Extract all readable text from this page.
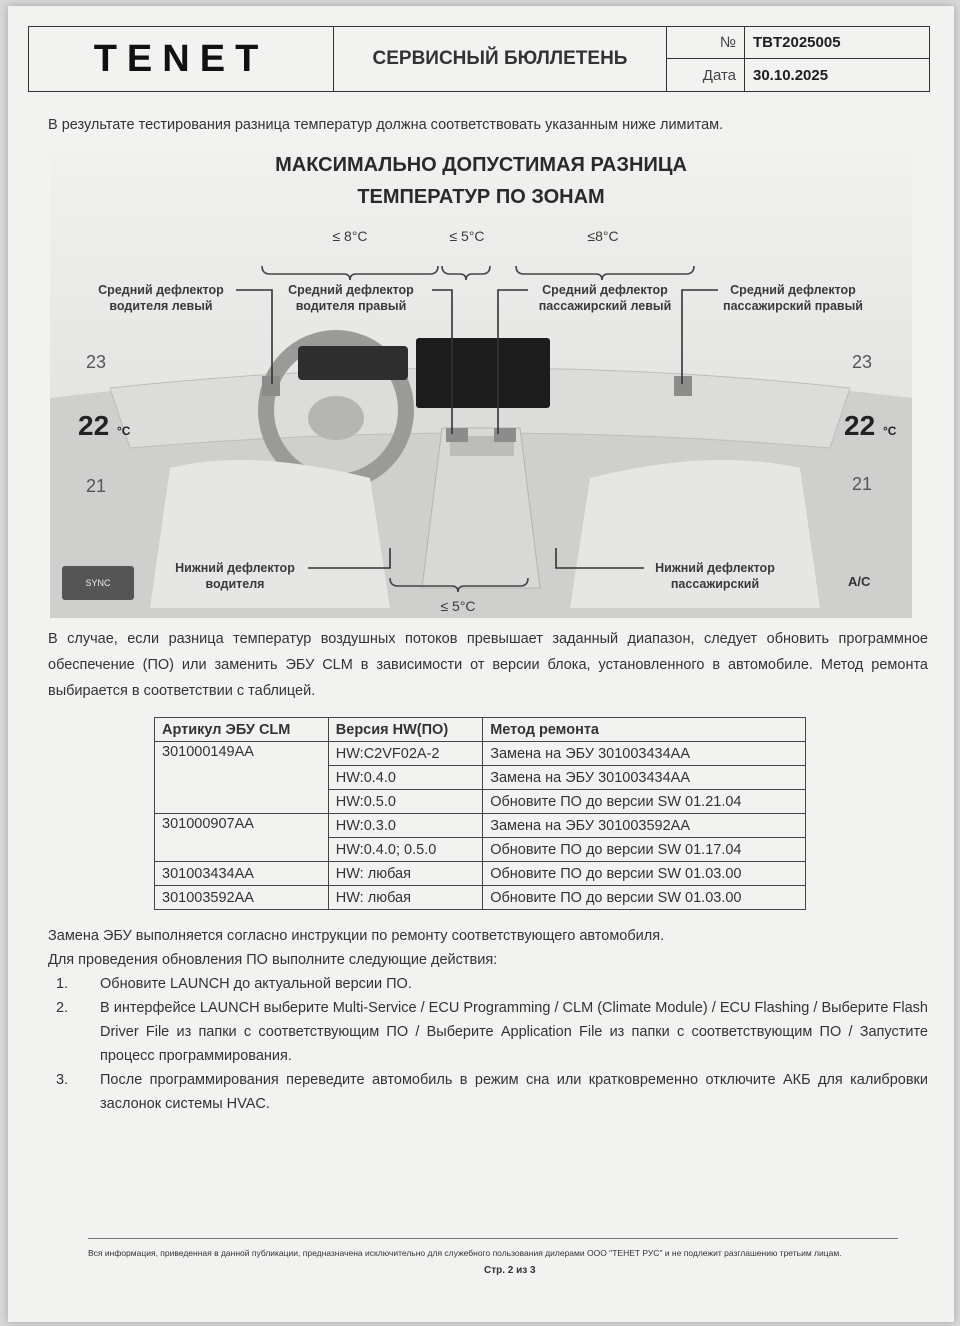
TENET	СЕРВИСНЫЙ БЮЛЛЕТЕНЬ
№	TBT2025005
Дата	30.10.2025
В результате тестирования разница температур должна соответствовать указанным ниже лимитам.
МАКСИМАЛЬНО ДОПУСТИМАЯ РАЗНИЦА
ТЕМПЕРАТУР ПО ЗОНАМ
≤ 8°C	≤ 5°C	≤8°C
≤ 5°C
Средний дефлектор водителя левый
Средний дефлектор водителя правый
Средний дефлектор пассажирский левый
Средний дефлектор пассажирский правый
Нижний дефлектор водителя
Нижний дефлектор пассажирский
23
22 °C
21
23
22 °C
21
SYNC	A/C
В случае, если разница температур воздушных потоков превышает заданный диапазон, следует обновить программное обеспечение (ПО) или заменить ЭБУ CLM в зависимости от версии блока, установленного в автомобиле. Метод ремонта выбирается в соответствии с таблицей.
Артикул ЭБУ CLM	Версия HW(ПО)	Метод ремонта
301000149AA	HW:C2VF02A-2	Замена на ЭБУ 301003434AA
	HW:0.4.0	Замена на ЭБУ 301003434AA
	HW:0.5.0	Обновите ПО до версии SW 01.21.04
301000907AA	HW:0.3.0	Замена на ЭБУ 301003592AA
	HW:0.4.0; 0.5.0	Обновите ПО до версии SW 01.17.04
301003434AA	HW: любая	Обновите ПО до версии SW 01.03.00
301003592AA	HW: любая	Обновите ПО до версии SW 01.03.00
Замена ЭБУ выполняется согласно инструкции по ремонту соответствующего автомобиля.
Для проведения обновления ПО выполните следующие действия:
1.	Обновите LAUNCH до актуальной версии ПО.
2.	В интерфейсе LAUNCH выберите Multi-Service / ECU Programming / CLM (Climate Module) / ECU Flashing / Выберите Flash Driver File из папки с соответствующим ПО / Выберите Application File из папки с соответствующим ПО / Запустите процесс программирования.
3.	После программирования переведите автомобиль в режим сна или кратковременно отключите АКБ для калибровки заслонок системы HVAC.
Вся информация, приведенная в данной публикации, предназначена исключительно для служебного пользования дилерами ООО "ТЕНЕТ РУС" и не подлежит разглашению третьим лицам.
Стр. 2 из 3
